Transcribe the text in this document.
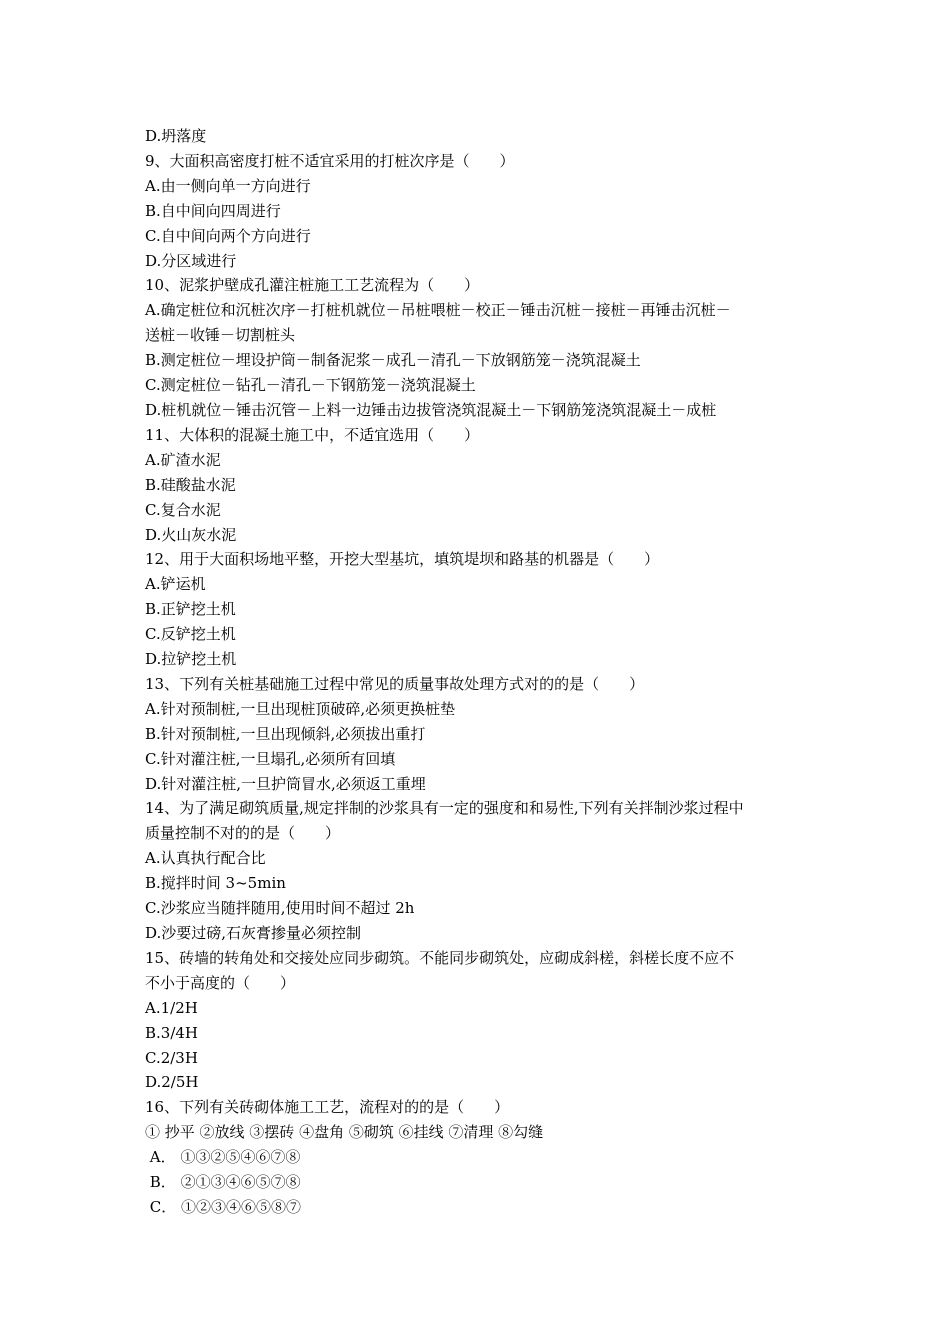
D.坍落度

9、大面积高密度打桩不适宜采用的打桩次序是（　　）

A.由一侧向单一方向进行

B.自中间向四周进行

C.自中间向两个方向进行

D.分区域进行

10、泥浆护壁成孔灌注桩施工工艺流程为（　　）

A.确定桩位和沉桩次序－打桩机就位－吊桩喂桩－校正－锤击沉桩－接桩－再锤击沉桩－

送桩－收锤－切割桩头

B.测定桩位－埋设护筒－制备泥浆－成孔－清孔－下放钢筋笼－浇筑混凝土

C.测定桩位－钻孔－清孔－下钢筋笼－浇筑混凝土

D.桩机就位－锤击沉管－上料一边锤击边拔管浇筑混凝土－下钢筋笼浇筑混凝土－成桩

11、大体积的混凝土施工中，不适宜选用（　　）

A.矿渣水泥

B.硅酸盐水泥

C.复合水泥

D.火山灰水泥

12、用于大面积场地平整，开挖大型基坑，填筑堤坝和路基的机器是（　　）

A.铲运机

B.正铲挖土机

C.反铲挖土机

D.拉铲挖土机

13、下列有关桩基础施工过程中常见的质量事故处理方式对的的是（　　）

A.针对预制桩,一旦出现桩顶破碎,必须更换桩垫

B.针对预制桩,一旦出现倾斜,必须拔出重打

C.针对灌注桩,一旦塌孔,必须所有回填

D.针对灌注桩,一旦护筒冒水,必须返工重埋

14、为了满足砌筑质量,规定拌制的沙浆具有一定的强度和和易性,下列有关拌制沙浆过程中

质量控制不对的的是（　　）

A.认真执行配合比

B.搅拌时间 3~5min

C.沙浆应当随拌随用,使用时间不超过 2h

D.沙要过磅,石灰膏掺量必须控制

15、砖墙的转角处和交接处应同步砌筑。不能同步砌筑处，应砌成斜槎，斜槎长度不应不

不小于高度的（　　）

A.1/2H

B.3/4H

C.2/3H

D.2/5H

16、下列有关砖砌体施工工艺，流程对的的是（　　）

① 抄平 ②放线 ③摆砖 ④盘角 ⑤砌筑 ⑥挂线 ⑦清理 ⑧勾缝

A． ①③②⑤④⑥⑦⑧

B． ②①③④⑥⑤⑦⑧

C． ①②③④⑥⑤⑧⑦
